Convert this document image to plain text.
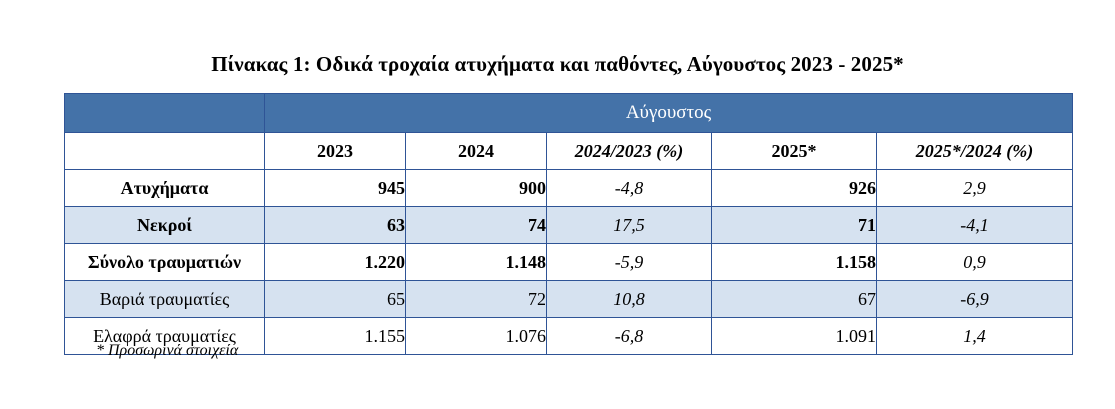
Πίνακας 1: Οδικά τροχαία ατυχήματα και παθόντες, Αύγουστος 2023 - 2025*
	Αύγουστος				
	2023	2024	2024/2023 (%)	2025*	2025*/2024 (%)
Ατυχήματα	945	900	-4,8	926	2,9
Νεκροί	63	74	17,5	71	-4,1
Σύνολο τραυματιών	1.220	1.148	-5,9	1.158	0,9
Βαριά τραυματίες	65	72	10,8	67	-6,9
Ελαφρά τραυματίες	1.155	1.076	-6,8	1.091	1,4
* Προσωρινά στοιχεία
